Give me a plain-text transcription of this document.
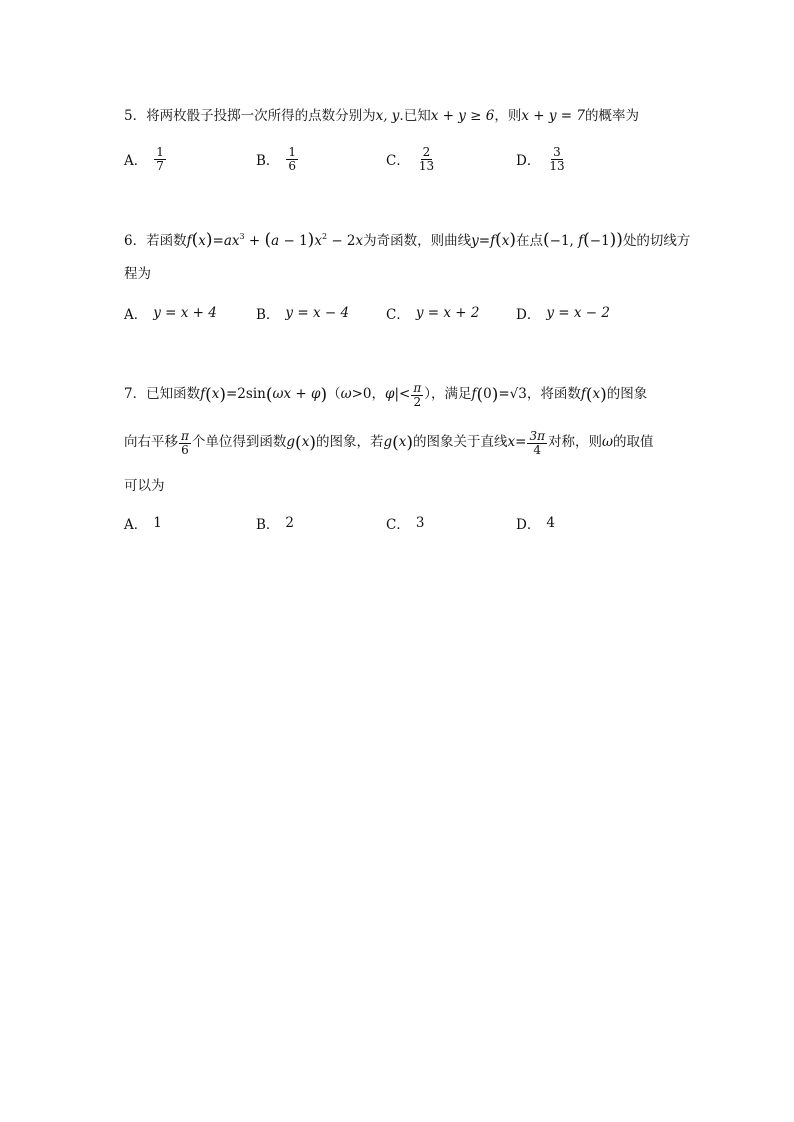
5．将两枚骰子投掷一次所得的点数分别为x, y.已知x + y ≥ 6，则x + y = 7的概率为
A． $\frac{1}{7}$	B． $\frac{1}{6}$	C． $\frac{2}{13}$	D． $\frac{3}{13}$
6．若函数$f(x)=ax^3 + (a - 1)x^2 - 2x$为奇函数，则曲线y=f(x)在点(−1, f(−1))处的切线方
程为
A． y = x + 4	B． y = x − 4	C． y = x + 2	D． y = x − 2
7． 已知函数 f ( x ) =2sin ( ωx + φ ) （ ω >0， φ | < $\frac{\pi}{2}$ ），满足 f ( 0 ) =√3 ，将函数 f ( x ) 的图象
向右平移 $\frac{\pi}{6}$ 个单位得到函数 g ( x ) 的图象，若 g ( x ) 的图象关于直线 $x= \frac{3\pi}{4}$ 对称，则 ω 的取值
可以为
A． 1	B． 2	C． 3	D． 4
